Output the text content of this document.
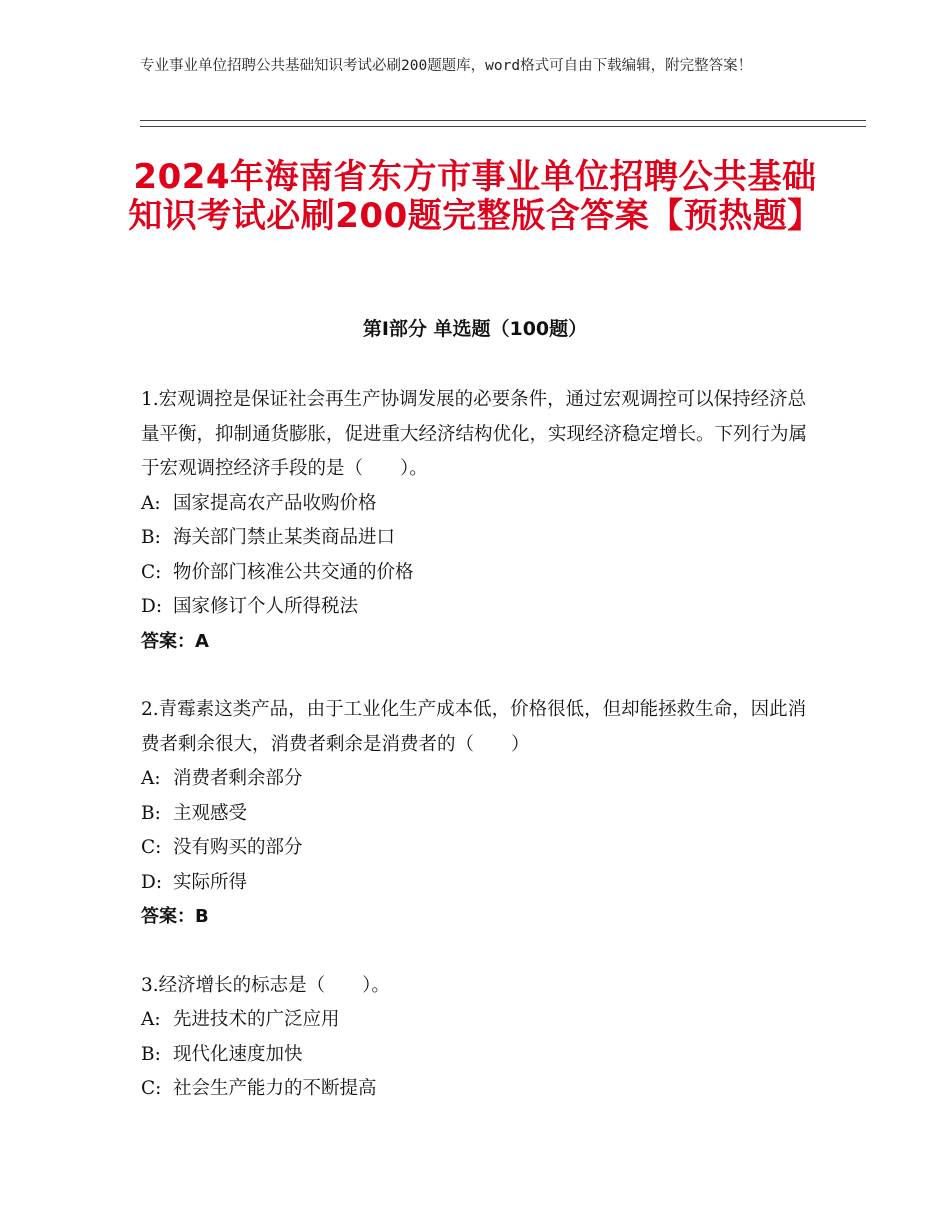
专业事业单位招聘公共基础知识考试必刷200题题库，word格式可自由下载编辑，附完整答案！
2024年海南省东方市事业单位招聘公共基础知识考试必刷200题完整版含答案【预热题】
第Ⅰ部分 单选题（100题）
1.宏观调控是保证社会再生产协调发展的必要条件，通过宏观调控可以保持经济总量平衡，抑制通货膨胀，促进重大经济结构优化，实现经济稳定增长。下列行为属于宏观调控经济手段的是（　　）。
A: 国家提高农产品收购价格
B: 海关部门禁止某类商品进口
C: 物价部门核准公共交通的价格
D: 国家修订个人所得税法
答案：A
2.青霉素这类产品，由于工业化生产成本低，价格很低，但却能拯救生命，因此消费者剩余很大，消费者剩余是消费者的（　　）
A: 消费者剩余部分
B: 主观感受
C: 没有购买的部分
D: 实际所得
答案：B
3.经济增长的标志是（　　）。
A: 先进技术的广泛应用
B: 现代化速度加快
C: 社会生产能力的不断提高
